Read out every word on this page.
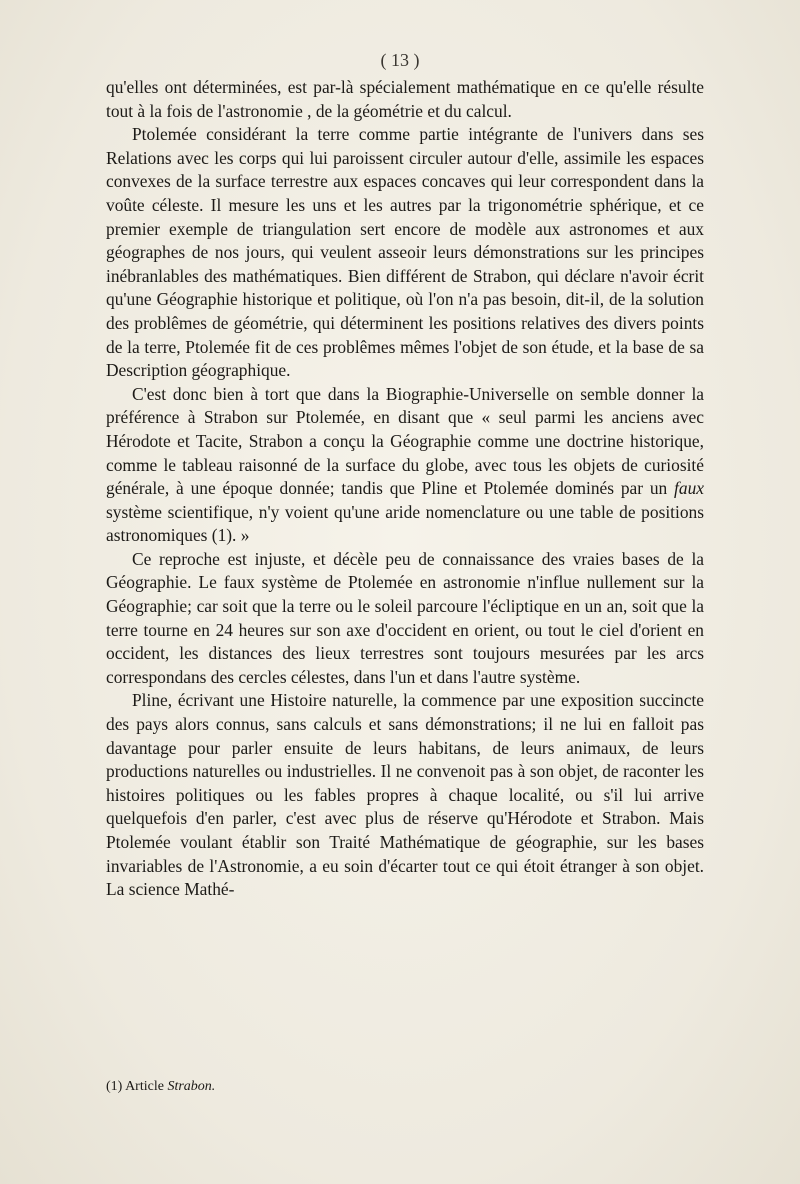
( 13 )

qu'elles ont déterminées, est par-là spécialement mathématique en ce qu'elle résulte tout à la fois de l'astronomie , de la géométrie et du calcul.

Ptolemée considérant la terre comme partie intégrante de l'univers dans ses Relations avec les corps qui lui paroissent circuler autour d'elle, assimile les espaces convexes de la surface terrestre aux espaces concaves qui leur correspondent dans la voûte céleste. Il mesure les uns et les autres par la trigonométrie sphérique, et ce premier exemple de triangulation sert encore de modèle aux astronomes et aux géographes de nos jours, qui veulent asseoir leurs démonstrations sur les principes inébranlables des mathématiques. Bien différent de Strabon, qui déclare n'avoir écrit qu'une Géographie historique et politique, où l'on n'a pas besoin, dit-il, de la solution des problêmes de géométrie, qui déterminent les positions relatives des divers points de la terre, Ptolemée fit de ces problêmes mêmes l'objet de son étude, et la base de sa Description géographique.

C'est donc bien à tort que dans la Biographie-Universelle on semble donner la préférence à Strabon sur Ptolemée, en disant que « seul parmi les anciens avec Hérodote et Tacite, Strabon a conçu la Géographie comme une doctrine historique, comme le tableau raisonné de la surface du globe, avec tous les objets de curiosité générale, à une époque donnée; tandis que Pline et Ptolemée dominés par un faux système scientifique, n'y voient qu'une aride nomenclature ou une table de positions astronomiques (1). »

Ce reproche est injuste, et décèle peu de connaissance des vraies bases de la Géographie. Le faux système de Ptolemée en astronomie n'influe nullement sur la Géographie; car soit que la terre ou le soleil parcoure l'écliptique en un an, soit que la terre tourne en 24 heures sur son axe d'occident en orient, ou tout le ciel d'orient en occident, les distances des lieux terrestres sont toujours mesurées par les arcs correspondans des cercles célestes, dans l'un et dans l'autre système.

Pline, écrivant une Histoire naturelle, la commence par une exposition succincte des pays alors connus, sans calculs et sans démonstrations; il ne lui en falloit pas davantage pour parler ensuite de leurs habitans, de leurs animaux, de leurs productions naturelles ou industrielles. Il ne convenoit pas à son objet, de raconter les histoires politiques ou les fables propres à chaque localité, ou s'il lui arrive quelquefois d'en parler, c'est avec plus de réserve qu'Hérodote et Strabon. Mais Ptolemée voulant établir son Traité Mathématique de géographie, sur les bases invariables de l'Astronomie, a eu soin d'écarter tout ce qui étoit étranger à son objet. La science Mathé-

(1) Article Strabon.
